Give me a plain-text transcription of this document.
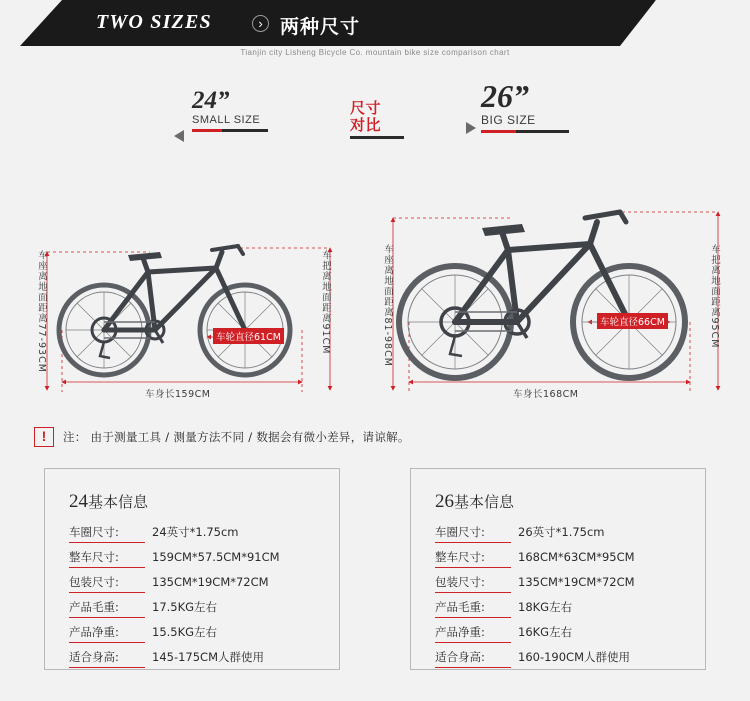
TWO SIZES	› 两种尺寸
Tianjin city Lisheng Bicycle Co. mountain bike size comparison chart
24”
SMALL SIZE
尺寸
对比
26”
BIG SIZE
车座离地面距离77-93CM	车把离地面距离91CM
车身长159CM
车轮直径61CM	车座离地面距离81-98CM	车把离地面距离95CM
车身长168CM
车轮直径66CM
!	注： 由于测量工具 / 测量方法不同 / 数据会有微小差异，请谅解。
24基本信息
车圈尺寸:	24英寸*1.75cm
整车尺寸:	159CM*57.5CM*91CM
包装尺寸:	135CM*19CM*72CM
产品毛重:	17.5KG左右
产品净重:	15.5KG左右
适合身高:	145-175CM人群使用
26基本信息
车圈尺寸:	26英寸*1.75cm
整车尺寸:	168CM*63CM*95CM
包装尺寸:	135CM*19CM*72CM
产品毛重:	18KG左右
产品净重:	16KG左右
适合身高:	160-190CM人群使用
